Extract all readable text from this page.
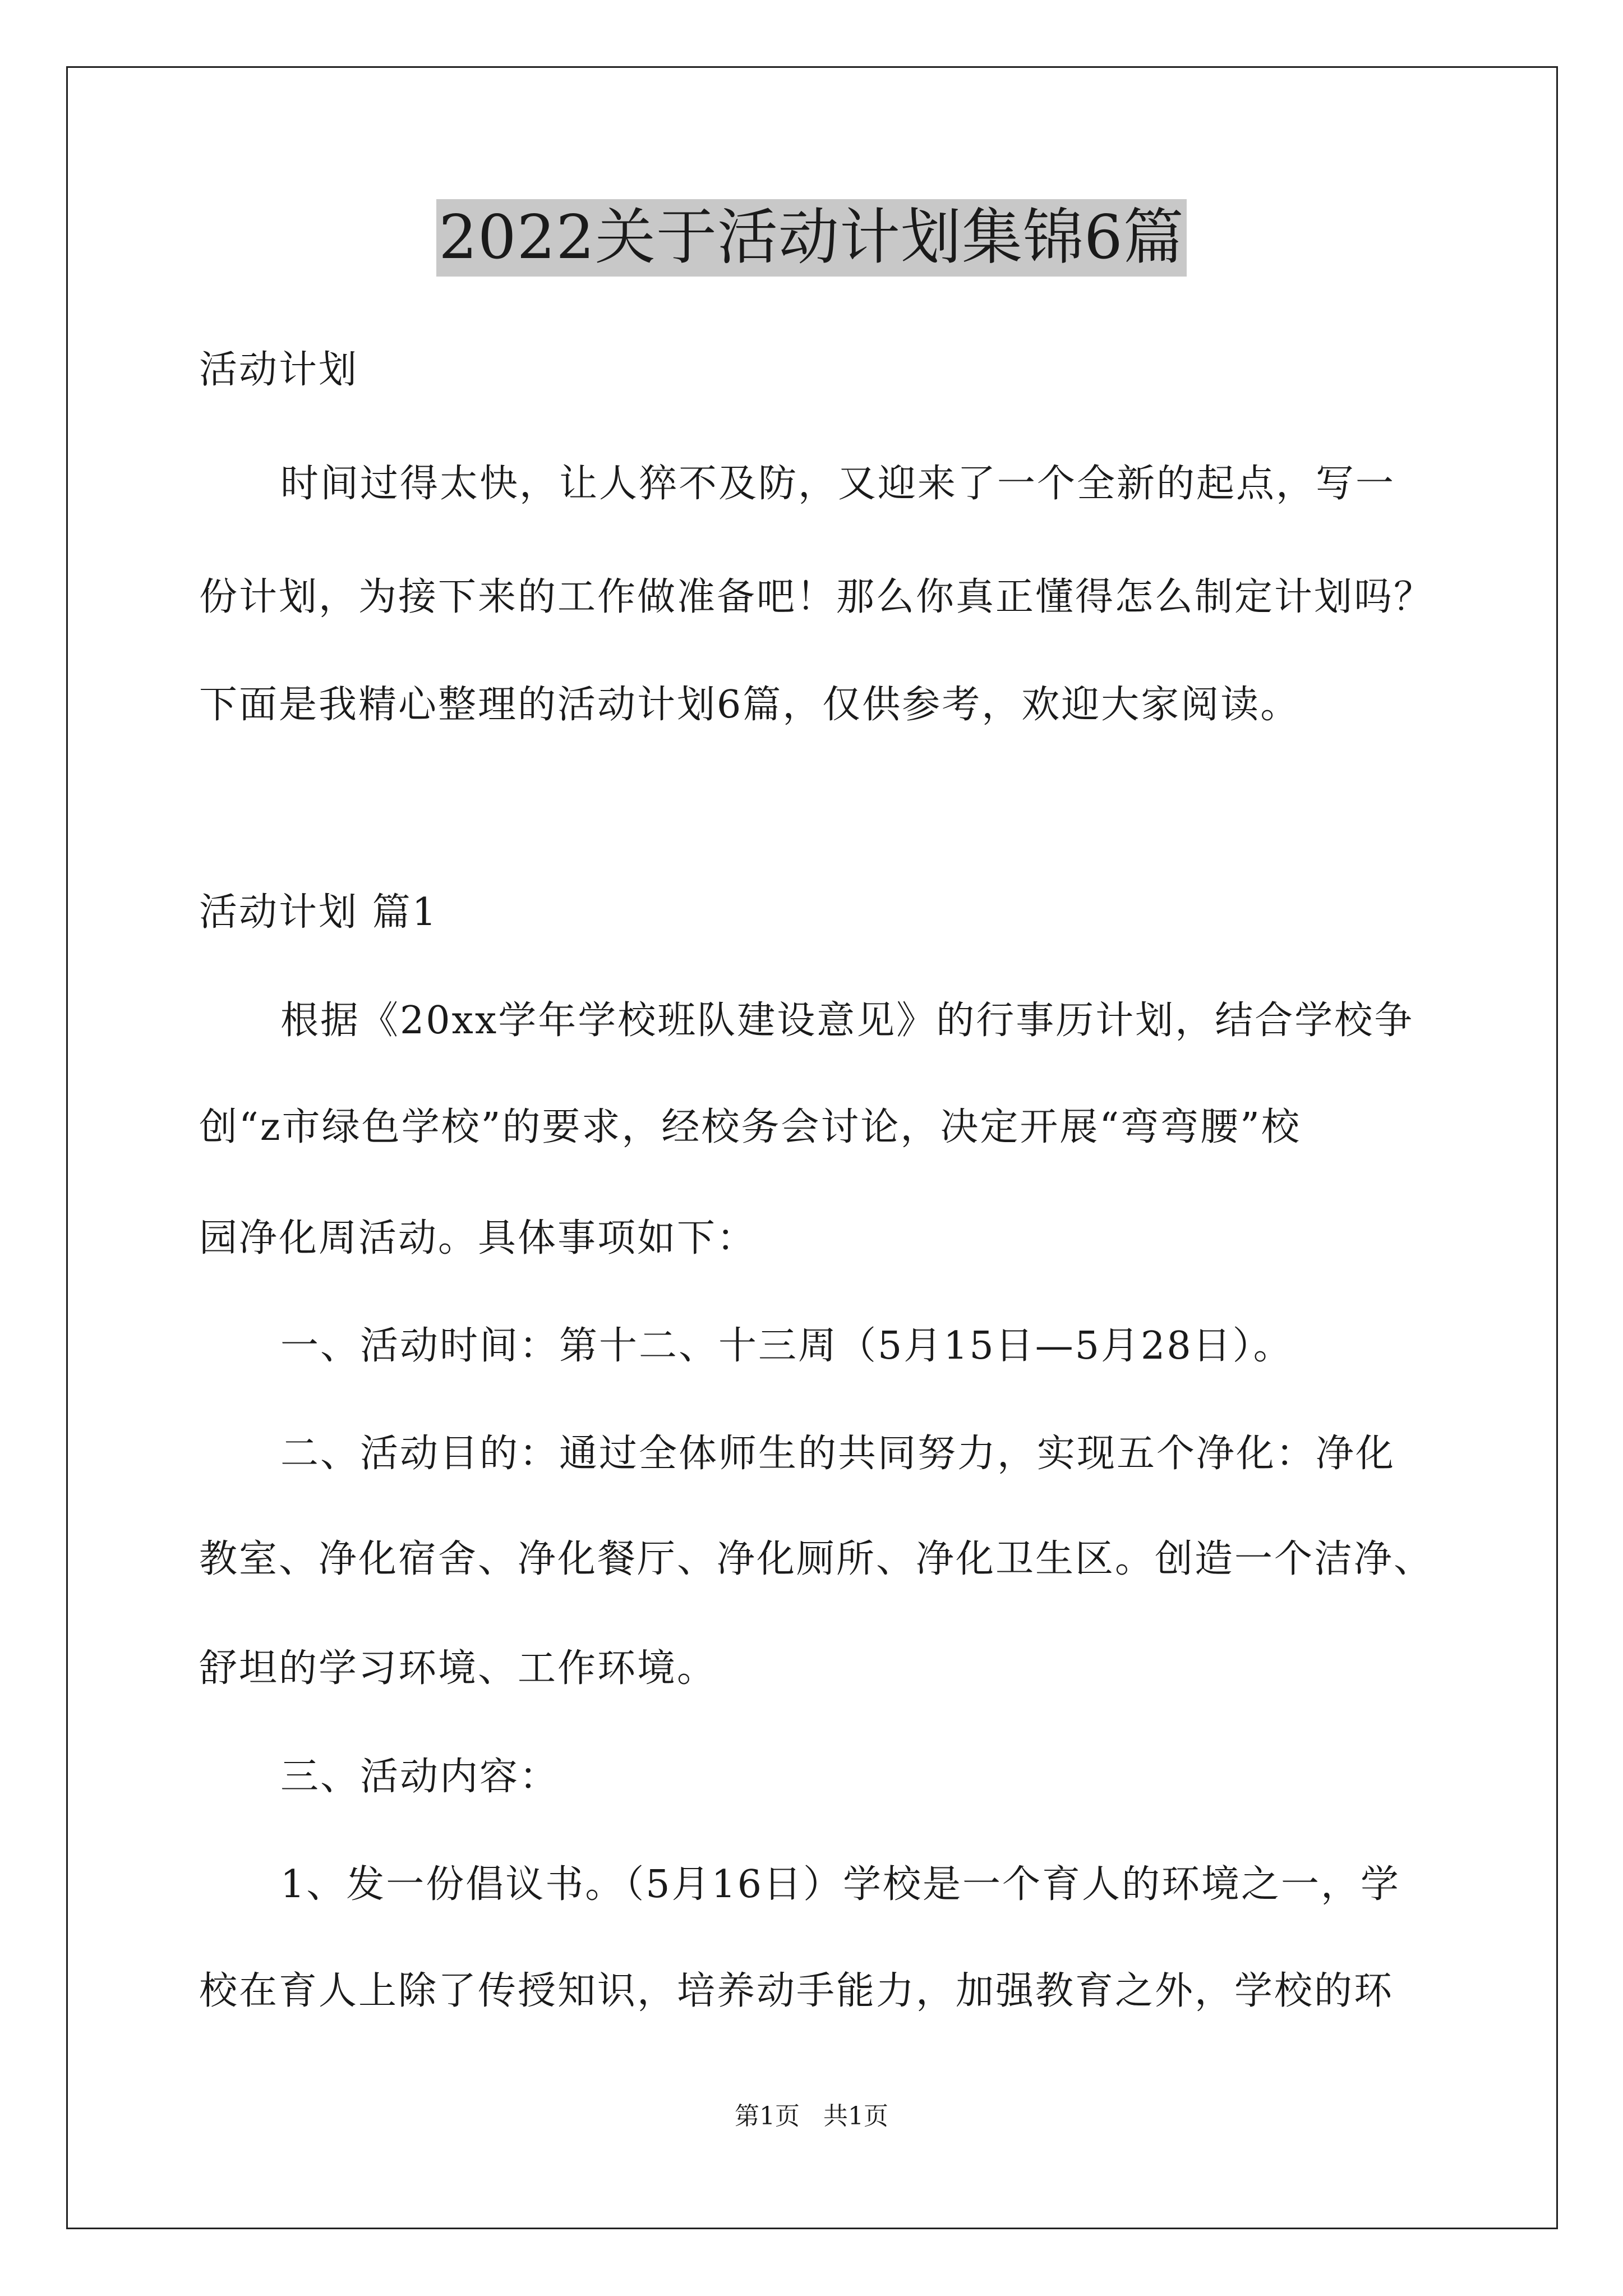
2022关于活动计划集锦6篇

活动计划

时间过得太快，让人猝不及防，又迎来了一个全新的起点，写一

份计划，为接下来的工作做准备吧！那么你真正懂得怎么制定计划吗？

下面是我精心整理的活动计划6篇，仅供参考，欢迎大家阅读。

活动计划 篇1

根据《20xx学年学校班队建设意见》的行事历计划，结合学校争

创“z市绿色学校”的要求，经校务会讨论，决定开展“弯弯腰”校

园净化周活动。具体事项如下：

一、活动时间：第十二、十三周（5月15日—5月28日）。

二、活动目的：通过全体师生的共同努力，实现五个净化：净化

教室、净化宿舍、净化餐厅、净化厕所、净化卫生区。创造一个洁净、

舒坦的学习环境、工作环境。

三、活动内容：

1、发一份倡议书。（5月16日）学校是一个育人的环境之一，学

校在育人上除了传授知识，培养动手能力，加强教育之外，学校的环

第1页   共1页
